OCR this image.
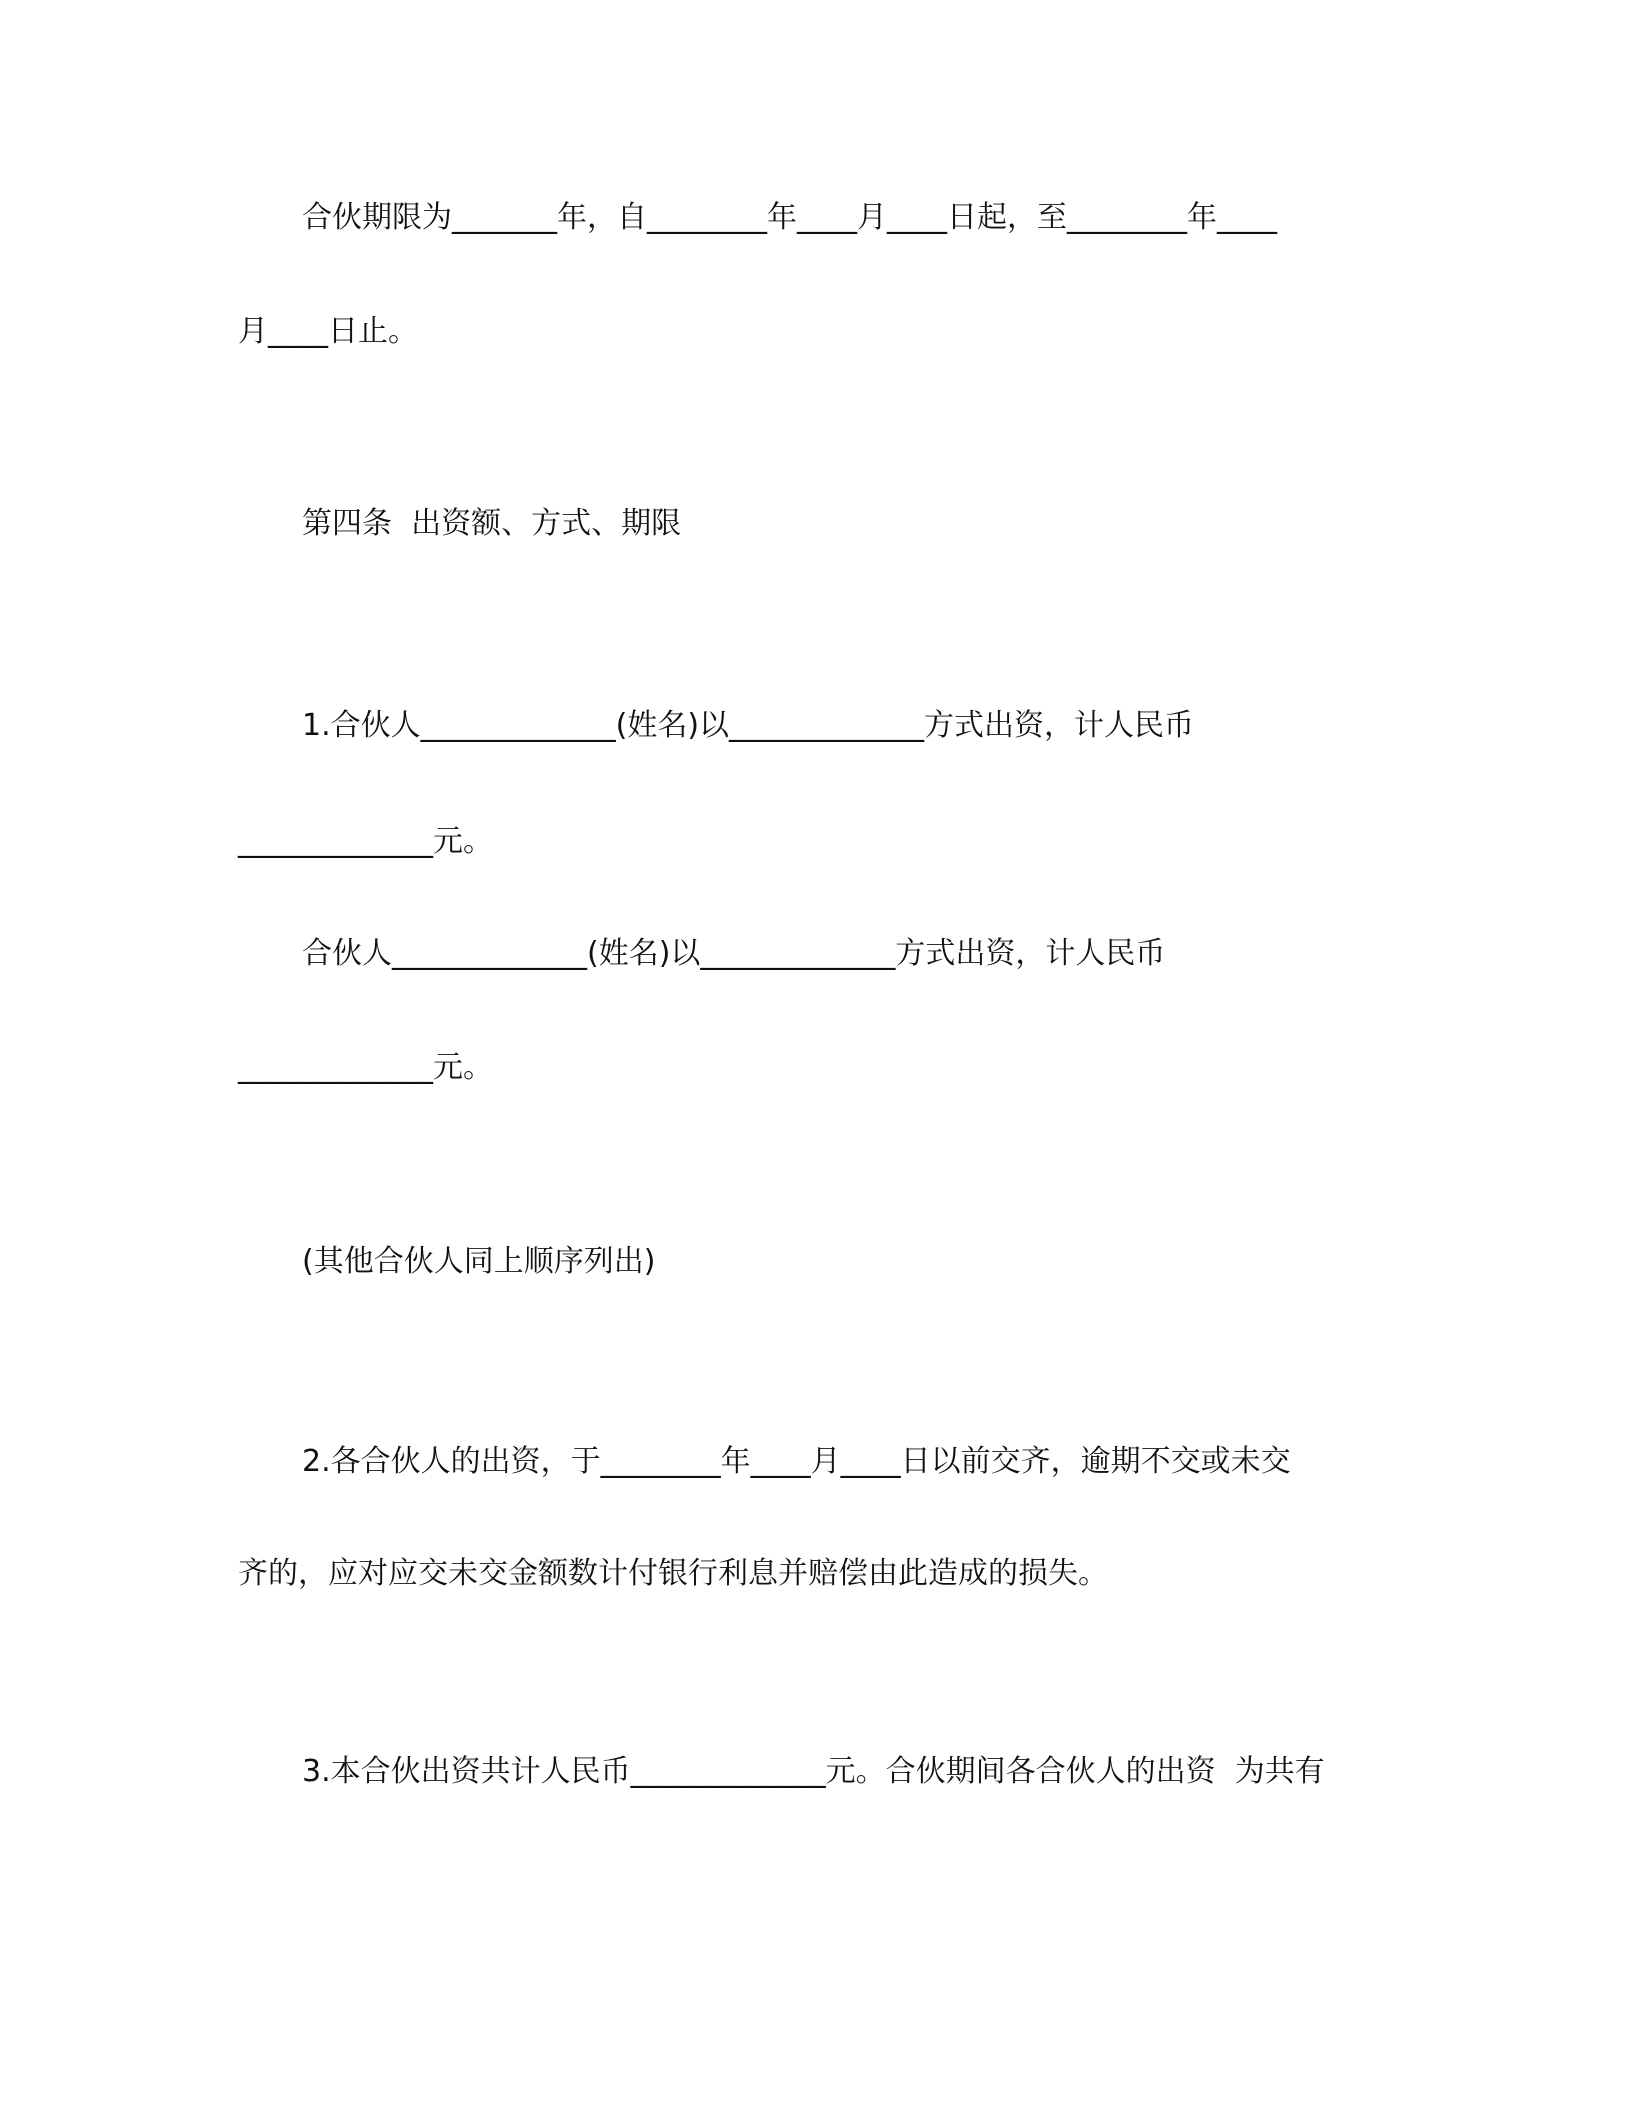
合伙期限为_______年，自________年____月____日起，至________年____
月____日止。
第四条  出资额、方式、期限
1.合伙人_____________(姓名)以_____________方式出资，计人民币
_____________元。
合伙人_____________(姓名)以_____________方式出资，计人民币
_____________元。
(其他合伙人同上顺序列出)
2.各合伙人的出资，于________年____月____日以前交齐，逾期不交或未交
齐的，应对应交未交金额数计付银行利息并赔偿由此造成的损失。
3.本合伙出资共计人民币_____________元。合伙期间各合伙人的出资  为共有
